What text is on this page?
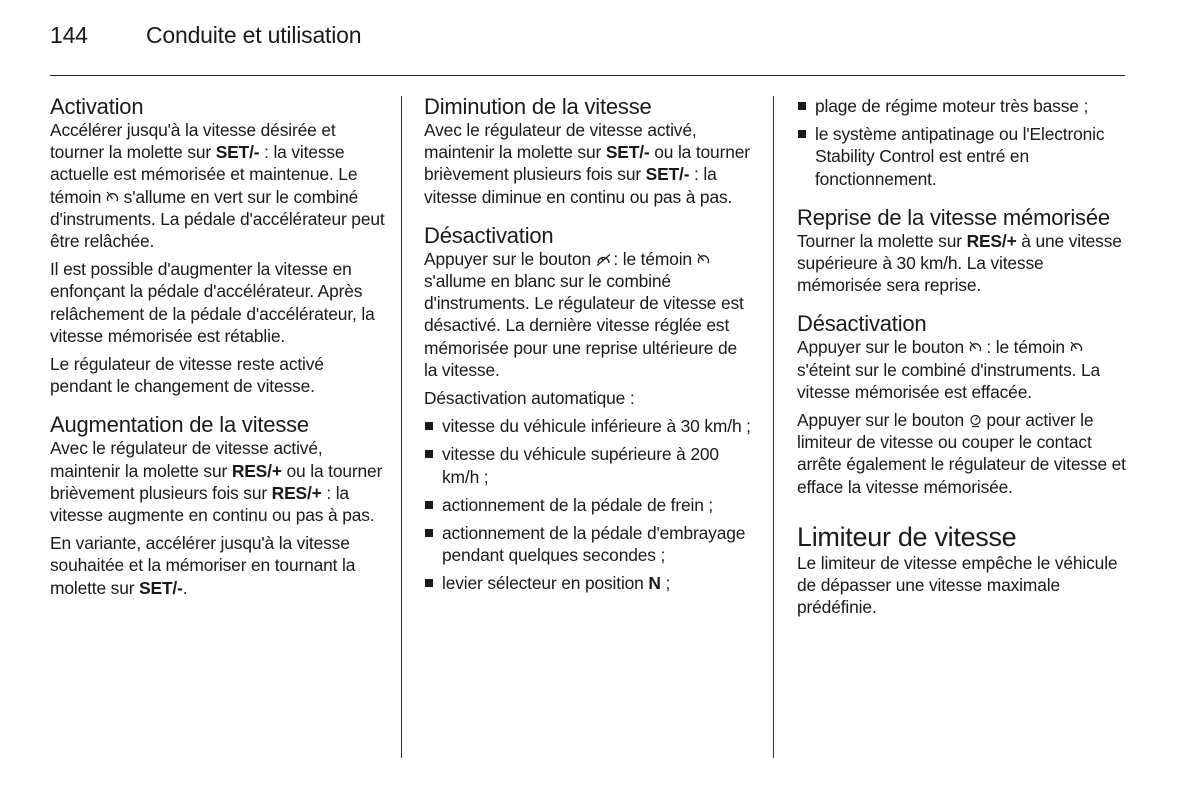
144	Conduite et utilisation
Activation

Accélérer jusqu'à la vitesse désirée et tourner la molette sur SET/- : la vitesse actuelle est mémorisée et maintenue. Le témoin
s'allume en vert sur le combiné d'instruments. La pédale d'accélérateur peut être relâchée.

Il est possible d'augmenter la vitesse en enfonçant la pédale d'accélérateur. Après relâchement de la pédale d'accélérateur, la vitesse mémorisée est rétablie.

Le régulateur de vitesse reste activé pendant le changement de vitesse.

Augmentation de la vitesse

Avec le régulateur de vitesse activé, maintenir la molette sur RES/+ ou la tourner brièvement plusieurs fois sur RES/+ : la vitesse augmente en continu ou pas à pas.

En variante, accélérer jusqu'à la vitesse souhaitée et la mémoriser en tournant la molette sur SET/-.

Diminution de la vitesse

Avec le régulateur de vitesse activé, maintenir la molette sur SET/- ou la tourner brièvement plusieurs fois sur SET/- : la vitesse diminue en continu ou pas à pas.

Désactivation

Appuyer sur le bouton
: le témoin
s'allume en blanc sur le combiné d'instruments. Le régulateur de vitesse est désactivé. La dernière vitesse réglée est mémorisée pour une reprise ultérieure de la vitesse.

Désactivation automatique :

vitesse du véhicule inférieure à 30 km/h ;
vitesse du véhicule supérieure à 200 km/h ;
actionnement de la pédale de frein ;
actionnement de la pédale d'embrayage pendant quelques secondes ;
levier sélecteur en position N ;
plage de régime moteur très basse ;
le système antipatinage ou l'Electronic Stability Control est entré en fonctionnement.
Reprise de la vitesse mémorisée

Tourner la molette sur RES/+ à une vitesse supérieure à 30 km/h. La vitesse mémorisée sera reprise.

Désactivation

Appuyer sur le bouton
: le témoin
s'éteint sur le combiné d'instruments. La vitesse mémorisée est effacée.

Appuyer sur le bouton
pour activer le limiteur de vitesse ou couper le contact arrête également le régulateur de vitesse et efface la vitesse mémorisée.

Limiteur de vitesse

Le limiteur de vitesse empêche le véhicule de dépasser une vitesse maximale prédéfinie.
